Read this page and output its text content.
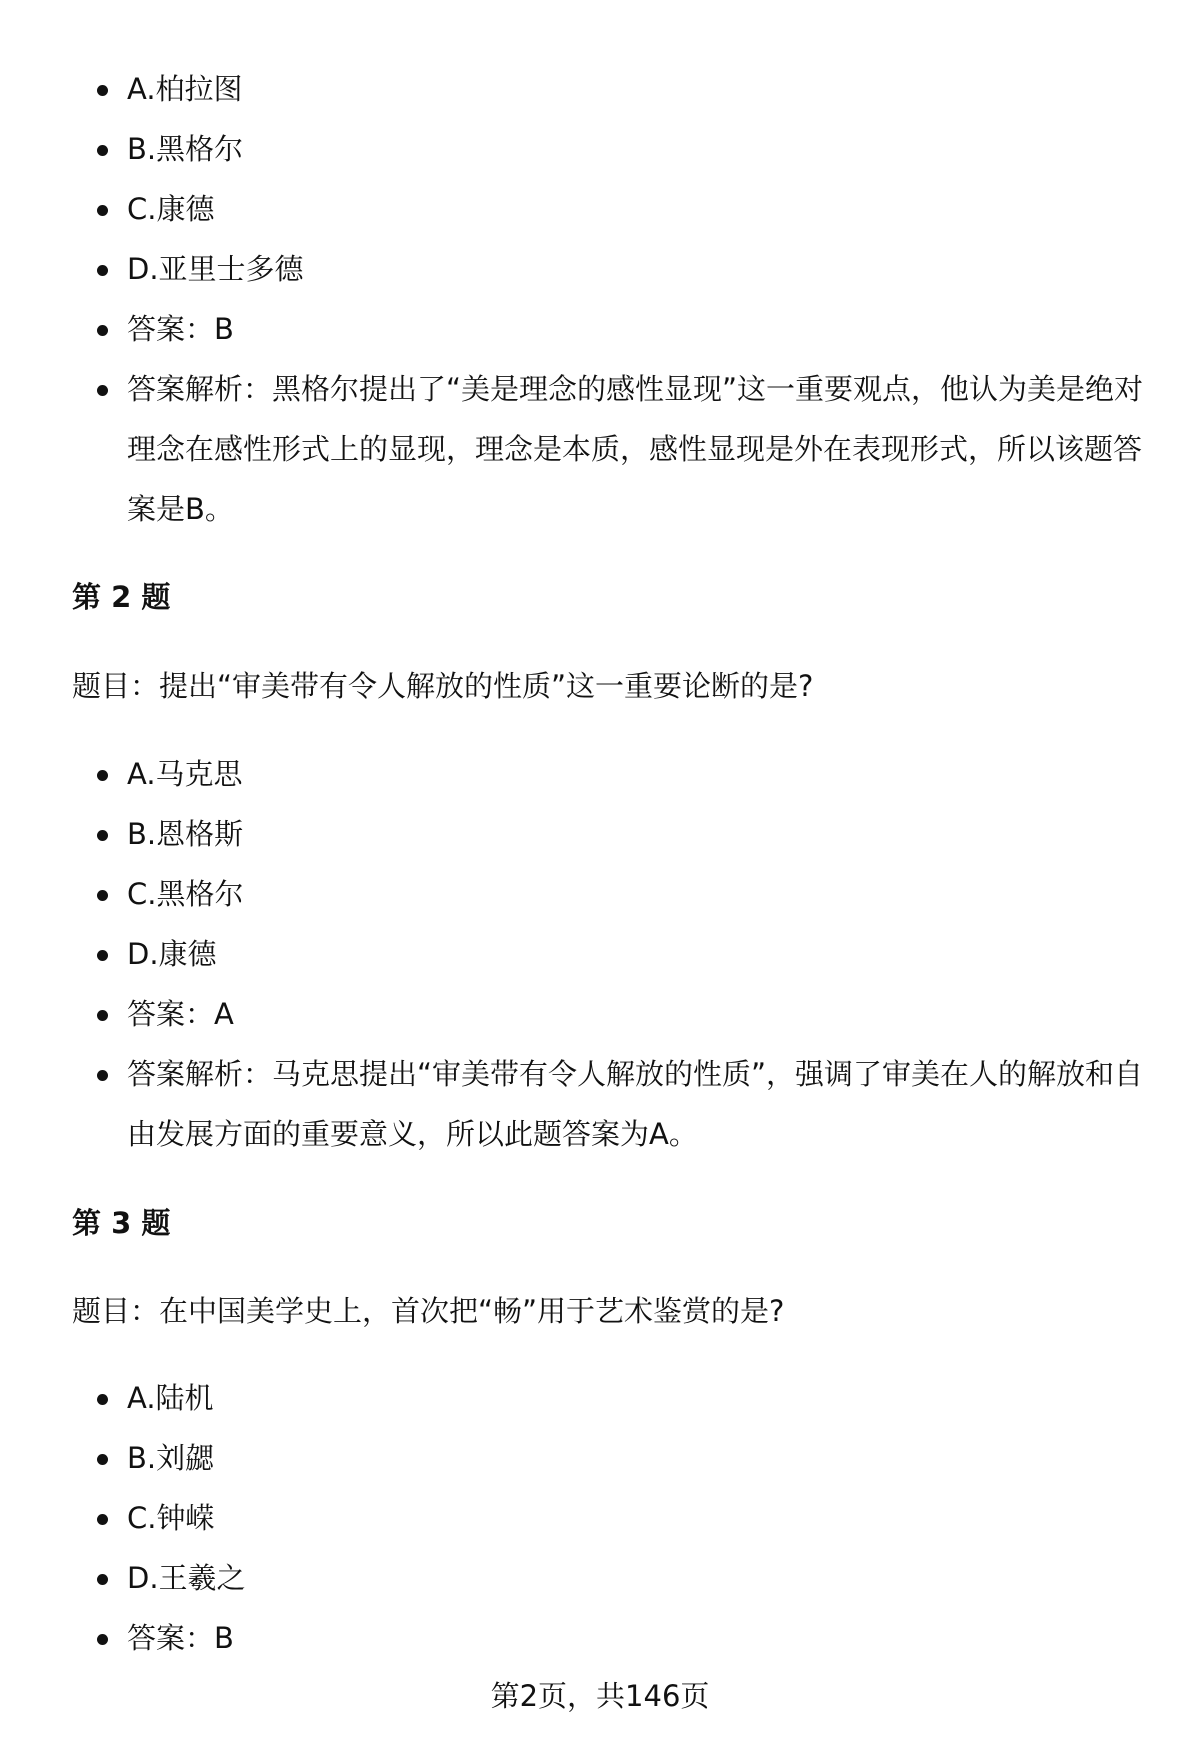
A.柏拉图
B.黑格尔
C.康德
D.亚里士多德
答案：B
答案解析：黑格尔提出了“美是理念的感性显现”这一重要观点，他认为美是绝对理念在感性形式上的显现，理念是本质，感性显现是外在表现形式，所以该题答案是B。
第 2 题
题目：提出“审美带有令人解放的性质”这一重要论断的是?
A.马克思
B.恩格斯
C.黑格尔
D.康德
答案：A
答案解析：马克思提出“审美带有令人解放的性质”，强调了审美在人的解放和自由发展方面的重要意义，所以此题答案为A。
第 3 题
题目：在中国美学史上，首次把“畅”用于艺术鉴赏的是?
A.陆机
B.刘勰
C.钟嵘
D.王羲之
答案：B
第2页，共146页
